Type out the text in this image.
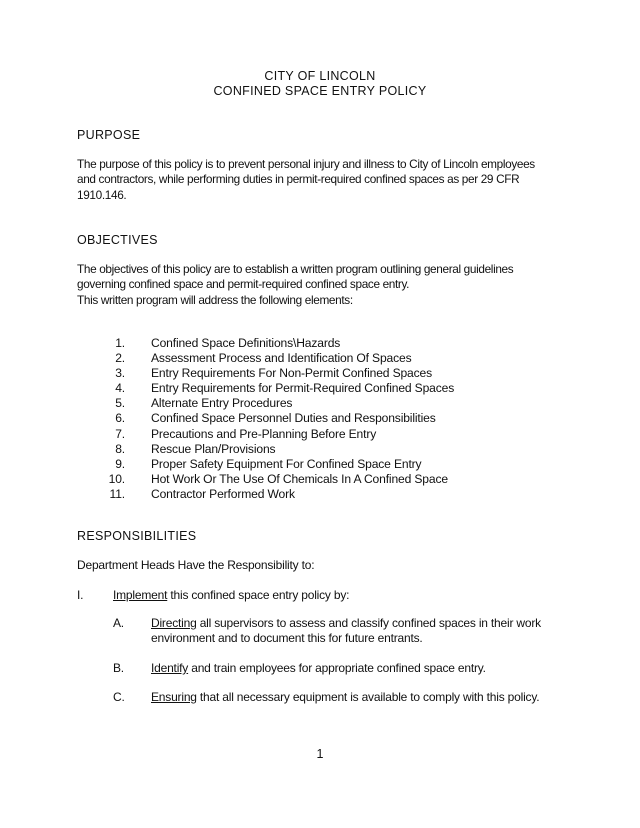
CITY OF LINCOLN
CONFINED SPACE ENTRY POLICY
PURPOSE
The purpose of this policy is to prevent personal injury and illness to City of Lincoln employees
and contractors, while performing duties in permit-required confined spaces as per 29 CFR
1910.146.
OBJECTIVES
The objectives of this policy are to establish a written program outlining general guidelines
governing confined space and permit-required confined space entry.
This written program will address the following elements:
1. Confined Space Definitions\Hazards
2. Assessment Process and Identification Of Spaces
3. Entry Requirements For Non-Permit Confined Spaces
4. Entry Requirements for Permit-Required Confined Spaces
5. Alternate Entry Procedures
6. Confined Space Personnel Duties and Responsibilities
7. Precautions and Pre-Planning Before Entry
8. Rescue Plan/Provisions
9. Proper Safety Equipment For Confined Space Entry
10. Hot Work Or The Use Of Chemicals In A Confined Space
11. Contractor Performed Work
RESPONSIBILITIES
Department Heads Have the Responsibility to:
I. Implement this confined space entry policy by:
A. Directing all supervisors to assess and classify confined spaces in their work
environment and to document this for future entrants.
B. Identify and train employees for appropriate confined space entry.
C. Ensuring that all necessary equipment is available to comply with this policy.
1
